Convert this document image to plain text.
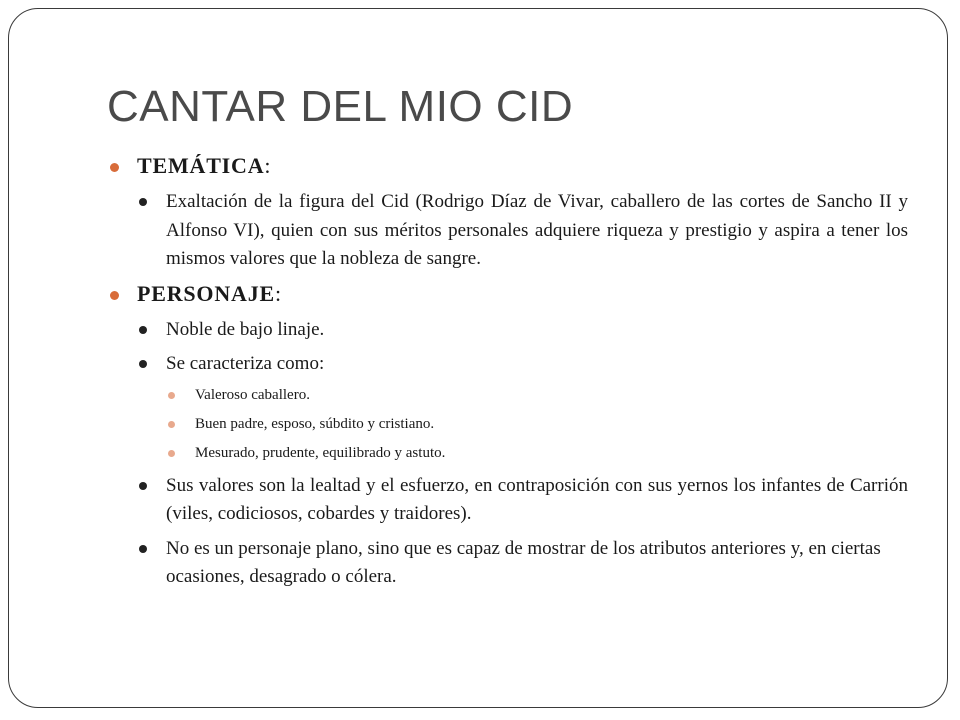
CANTAR DEL MIO CID
TEMÁTICA:
Exaltación de la figura del Cid (Rodrigo Díaz de Vivar, caballero de las cortes de Sancho II y Alfonso VI), quien con sus méritos personales adquiere riqueza y prestigio y aspira a tener los mismos valores que la nobleza de sangre.
PERSONAJE:
Noble de bajo linaje.
Se caracteriza como:
Valeroso caballero.
Buen padre, esposo, súbdito y cristiano.
Mesurado, prudente, equilibrado y astuto.
Sus valores son la lealtad y el esfuerzo, en contraposición con sus yernos los infantes de Carrión (viles, codiciosos, cobardes y traidores).
No es un personaje plano, sino que es capaz de mostrar de los atributos anteriores y, en ciertas ocasiones, desagrado o cólera.
